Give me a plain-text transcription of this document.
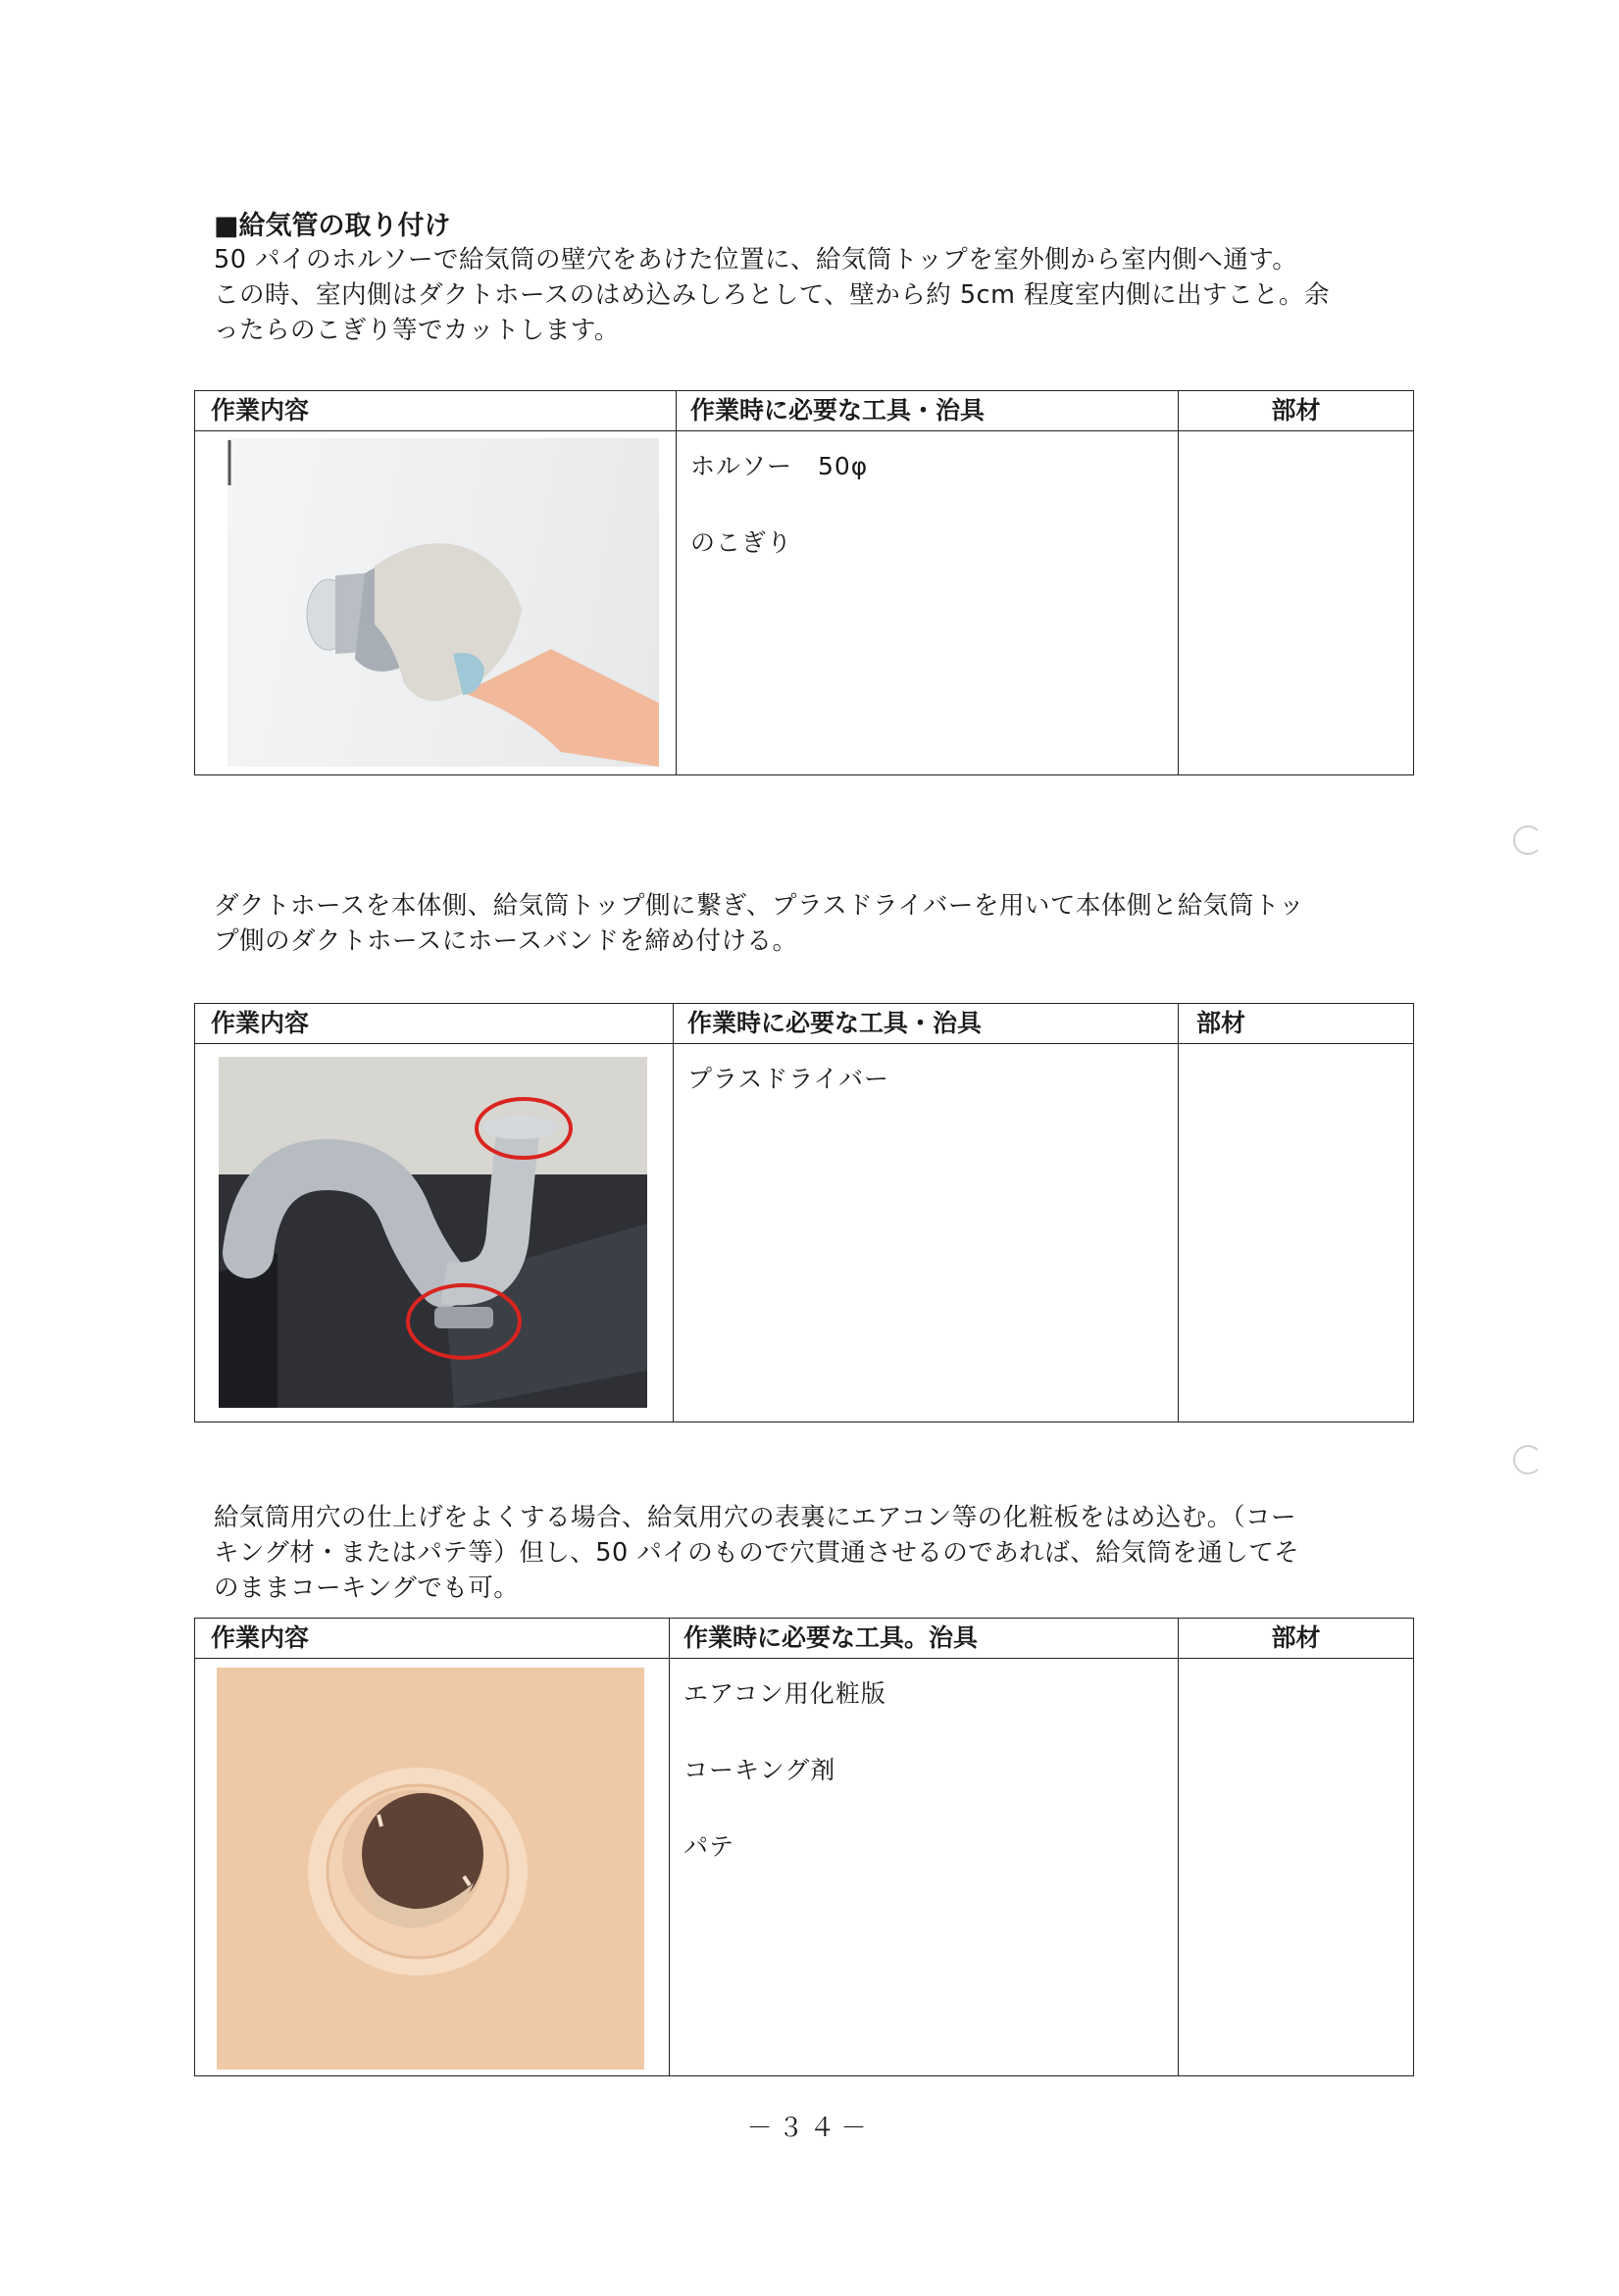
■給気管の取り付け
50 パイのホルソーで給気筒の壁穴をあけた位置に、給気筒トップを室外側から室内側へ通す。
この時、室内側はダクトホースのはめ込みしろとして、壁から約 5cm 程度室内側に出すこと。余
ったらのこぎり等でカットします。
作業内容	作業時に必要な工具・治具	部材

ホルソー　50φ
のこぎり	

ダクトホースを本体側、給気筒トップ側に繋ぎ、プラスドライバーを用いて本体側と給気筒トッ
プ側のダクトホースにホースバンドを締め付ける。
作業内容	作業時に必要な工具・治具	部材

プラスドライバー	

給気筒用穴の仕上げをよくする場合、給気用穴の表裏にエアコン等の化粧板をはめ込む。（コー
キング材・またはパテ等）但し、50 パイのもので穴貫通させるのであれば、給気筒を通してそ
のままコーキングでも可。
作業内容	作業時に必要な工具。治具	部材

エアコン用化粧版
コーキング剤
パテ	

－３４－
